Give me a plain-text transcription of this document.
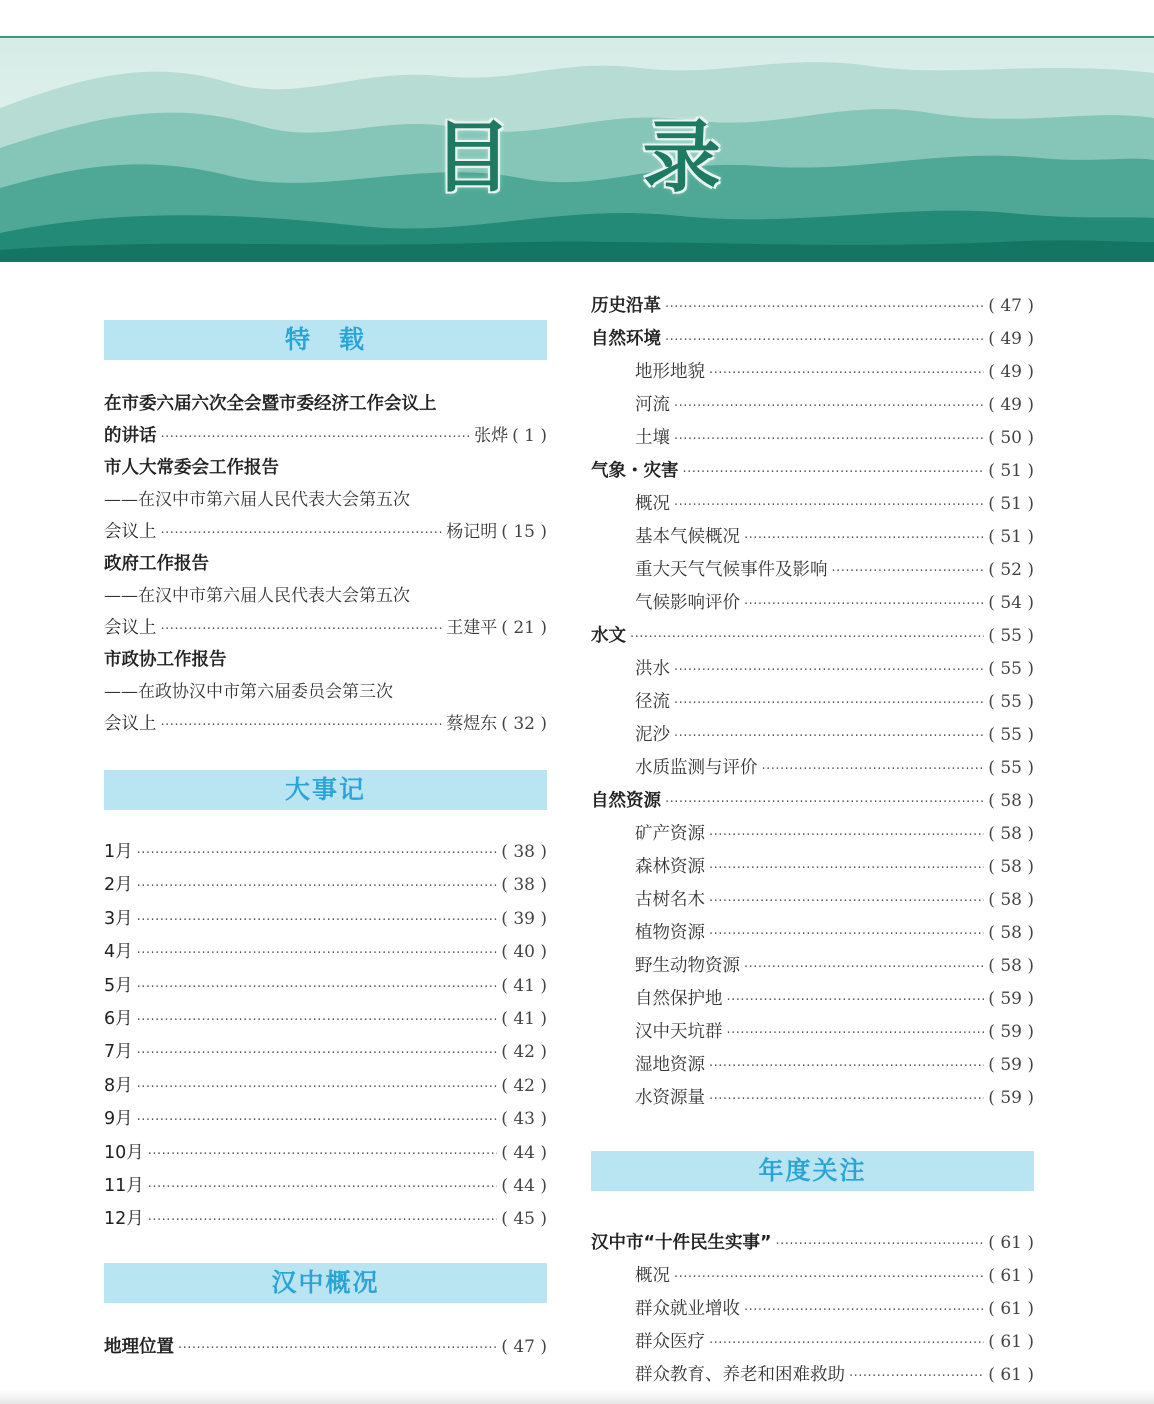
目 录
特　载
在市委六届六次全会暨市委经济工作会议上
的讲话 ·····	张烨 ( 1 )
市人大常委会工作报告
——在汉中市第六届人民代表大会第五次
会议上 ·····	杨记明 ( 15 )
政府工作报告
——在汉中市第六届人民代表大会第五次
会议上 ·····	王建平 ( 21 )
市政协工作报告
——在政协汉中市第六届委员会第三次
会议上 ·····	蔡煜东 ( 32 )
大事记
1月 ·····	( 38 )
2月 ·····	( 38 )
3月 ·····	( 39 )
4月 ·····	( 40 )
5月 ·····	( 41 )
6月 ·····	( 41 )
7月 ·····	( 42 )
8月 ·····	( 42 )
9月 ·····	( 43 )
10月 ·····	( 44 )
11月 ·····	( 44 )
12月 ·····	( 45 )
汉中概况
地理位置 ·····	( 47 )
历史沿革 ·····	( 47 )
自然环境 ·····	( 49 )
地形地貌 ·····	( 49 )
河流 ·····	( 49 )
土壤 ·····	( 50 )
气象・灾害 ·····	( 51 )
概况 ·····	( 51 )
基本气候概况 ·····	( 51 )
重大天气气候事件及影响 ·····	( 52 )
气候影响评价 ·····	( 54 )
水文 ·····	( 55 )
洪水 ·····	( 55 )
径流 ·····	( 55 )
泥沙 ·····	( 55 )
水质监测与评价 ·····	( 55 )
自然资源 ·····	( 58 )
矿产资源 ·····	( 58 )
森林资源 ·····	( 58 )
古树名木 ·····	( 58 )
植物资源 ·····	( 58 )
野生动物资源 ·····	( 58 )
自然保护地 ·····	( 59 )
汉中天坑群 ·····	( 59 )
湿地资源 ·····	( 59 )
水资源量 ·····	( 59 )
年度关注
汉中市“十件民生实事” ·····	( 61 )
概况 ·····	( 61 )
群众就业增收 ·····	( 61 )
群众医疗 ·····	( 61 )
群众教育、养老和困难救助 ·····	( 61 )
